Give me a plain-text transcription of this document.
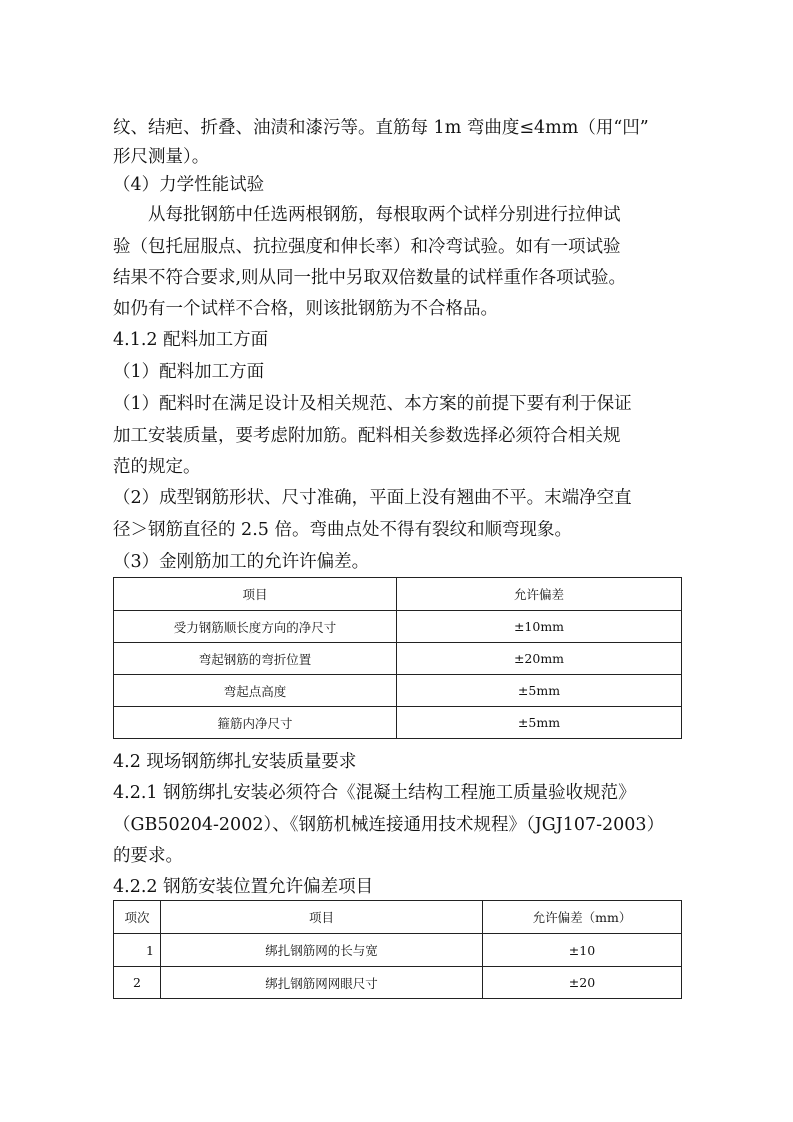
纹、结疤、折叠、油渍和漆污等。直筋每 1m 弯曲度≤4mm（用“凹”
形尺测量）。
（4）力学性能试验
　　从每批钢筋中任选两根钢筋，每根取两个试样分别进行拉伸试
验（包托屈服点、抗拉强度和伸长率）和冷弯试验。如有一项试验
结果不符合要求,则从同一批中另取双倍数量的试样重作各项试验。
如仍有一个试样不合格，则该批钢筋为不合格品。
4.1.2 配料加工方面
（1）配料加工方面
（1）配料时在满足设计及相关规范、本方案的前提下要有利于保证
加工安装质量，要考虑附加筋。配料相关参数选择必须符合相关规
范的规定。
（2）成型钢筋形状、尺寸准确，平面上没有翘曲不平。末端净空直
径＞钢筋直径的 2.5 倍。弯曲点处不得有裂纹和顺弯现象。
（3）金刚筋加工的允许许偏差。
项目	允许偏差
受力钢筋顺长度方向的净尺寸	±10mm
弯起钢筋的弯折位置	±20mm
弯起点高度	±5mm
箍筋内净尺寸	±5mm
4.2 现场钢筋绑扎安装质量要求
4.2.1 钢筋绑扎安装必须符合《混凝土结构工程施工质量验收规范》
（GB50204-2002）、《钢筋机械连接通用技术规程》（JGJ107-2003）
的要求。
4.2.2 钢筋安装位置允许偏差项目
项次	项目	允许偏差（mm）
1	绑扎钢筋网的长与宽	±10
2	绑扎钢筋网网眼尺寸	±20
